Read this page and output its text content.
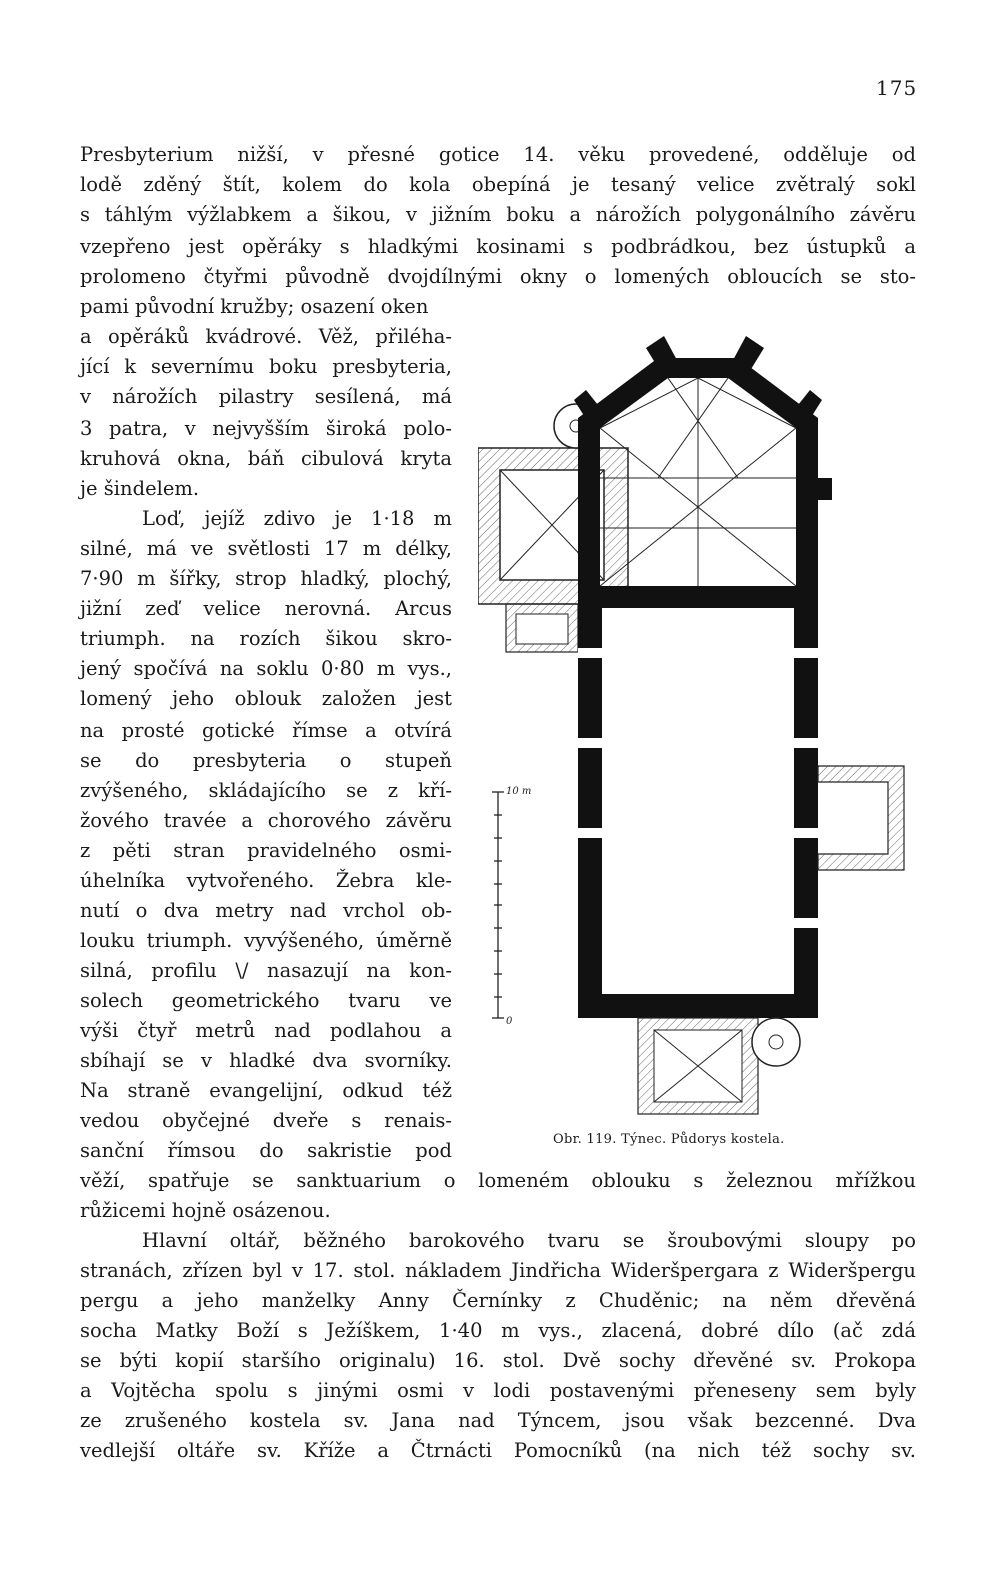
175
Presbyterium nižší, v přesné gotice 14. věku provedené, odděluje od
lodě zděný štít, kolem do kola obepíná je tesaný velice zvětralý sokl
s táhlým výžlabkem a šikou, v jižním boku a nárožích polygonálního závěru
vzepřeno jest opěráky s hladkými kosinami s podbrádkou, bez ústupků a
prolomeno čtyřmi původně dvojdílnými okny o lomených obloucích se sto-
pami původní kružby; osazení oken
a opěráků kvádrové. Věž, přiléha-
jící k severnímu boku presbyteria,
v nárožích pilastry sesílená, má
3 patra, v nejvyšším široká polo-
kruhová okna, báň cibulová kryta
je šindelem.
Loď, jejíž zdivo je 1·18 m
silné, má ve světlosti 17 m délky,
7·90 m šířky, strop hladký, plochý,
jižní zeď velice nerovná. Arcus
triumph. na rozích šikou skro-
jený spočívá na soklu 0·80 m vys.,
lomený jeho oblouk založen jest
na prosté gotické římse a otvírá
se do presbyteria o stupeň
zvýšeného, skládajícího se z kří-
žového travée a chorového závěru
z pěti stran pravidelného osmi-
úhelníka vytvořeného. Žebra kle-
nutí o dva metry nad vrchol ob-
louku triumph. vyvýšeného, úměrně
silná, profilu \/ nasazují na kon-
solech geometrického tvaru ve
výši čtyř metrů nad podlahou a
sbíhají se v hladké dva svorníky.
Na straně evangelijní, odkud též
vedou obyčejné dveře s renais-
sanční římsou do sakristie pod
věží, spatřuje se sanktuarium o lomeném oblouku s železnou mřížkou
růžicemi hojně osázenou.
Hlavní oltář, běžného barokového tvaru se šroubovými sloupy po
stranách, zřízen byl v 17. stol. nákladem Jindřicha Wideršpergara z Wideršpergu
pergu a jeho manželky Anny Černínky z Chuděnic; na něm dřevěná
socha Matky Boží s Ježíškem, 1·40 m vys., zlacená, dobré dílo (ač zdá
se býti kopií staršího originalu) 16. stol. Dvě sochy dřevěné sv. Prokopa
a Vojtěcha spolu s jinými osmi v lodi postavenými přeneseny sem byly
ze zrušeného kostela sv. Jana nad Týncem, jsou však bezcenné. Dva
vedlejší oltáře sv. Kříže a Čtrnácti Pomocníků (na nich též sochy sv.
10 m
0
Obr. 119. Týnec. Půdorys kostela.
